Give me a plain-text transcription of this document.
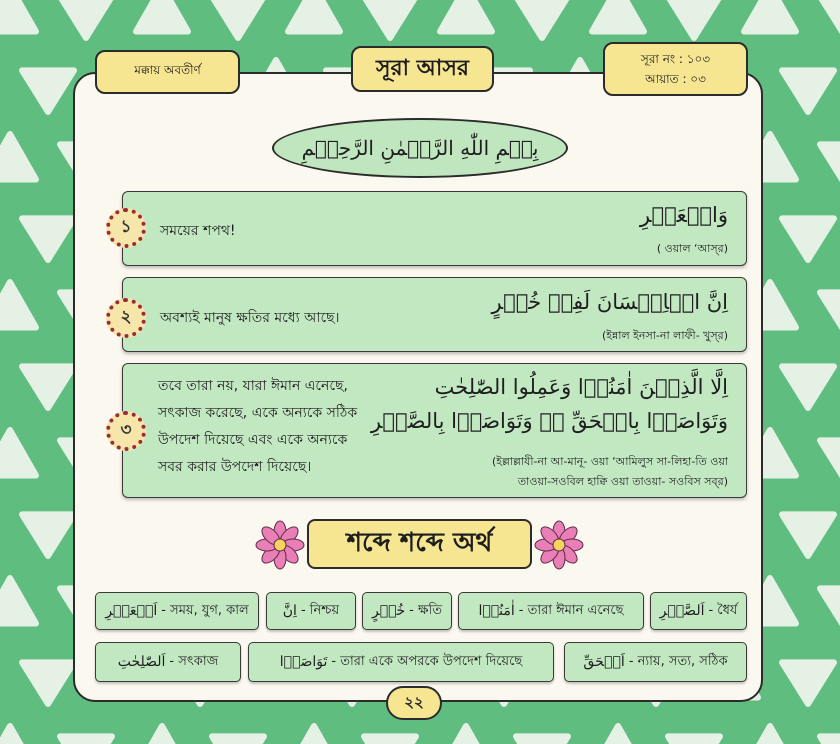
মক্কায় অবতীর্ণ	সূরা আসর	সূরা নং : ১০৩
আয়াত : ০৩
بِسۡمِ اللّٰهِ الرَّحۡمٰنِ الرَّحِیۡمِ
১	সময়ের শপথ!
وَالۡعَصۡرِ
( ওয়াল ‘আস্‌র)
২	অবশ্যই মানুষ ক্ষতির মধ্যে আছে।
اِنَّ الۡاِنۡسَانَ لَفِیۡ خُسۡرٍ
(ইন্নাল ইনসা-না লাফী- খুস্‌র)
৩
তবে তারা নয়, যারা ঈমান এনেছে,
সৎকাজ করেছে, একে অন্যকে সঠিক
উপদেশ দিয়েছে এবং একে অন্যকে
সবর করার উপদেশ দিয়েছে।
اِلَّا الَّذِیۡنَ اٰمَنُوۡا وَعَمِلُوا الصّٰلِحٰتِ
وَتَوَاصَوۡا بِالۡحَقِّ ۬ۙ وَتَوَاصَوۡا بِالصَّبۡرِ
(ইল্লাল্লাযী-না আ-মানূ- ওয়া ‘আমিলুস সা-লিহা-তি ওয়া
তাওয়া-সওবিল হাক্বি ওয়া তাওয়া- সওবিস সব্‌র)
শব্দে শব্দে অর্থ
اَلۡعَصۡرِ - সময়, যুগ, কাল اِنَّ - নিশ্চয় خُسۡرٍ - ক্ষতি	اٰمَنُوۡا - তারা ঈমান এনেছে	اَلصَّبۡرِ - ধৈর্য
اَلصّٰلِحٰتِ - সৎকাজ	تَوَاصَوۡا - তারা একে অপরকে উপদেশ দিয়েছে	اَلۡحَقِّ - ন্যায়, সত্য, সঠিক
২২
